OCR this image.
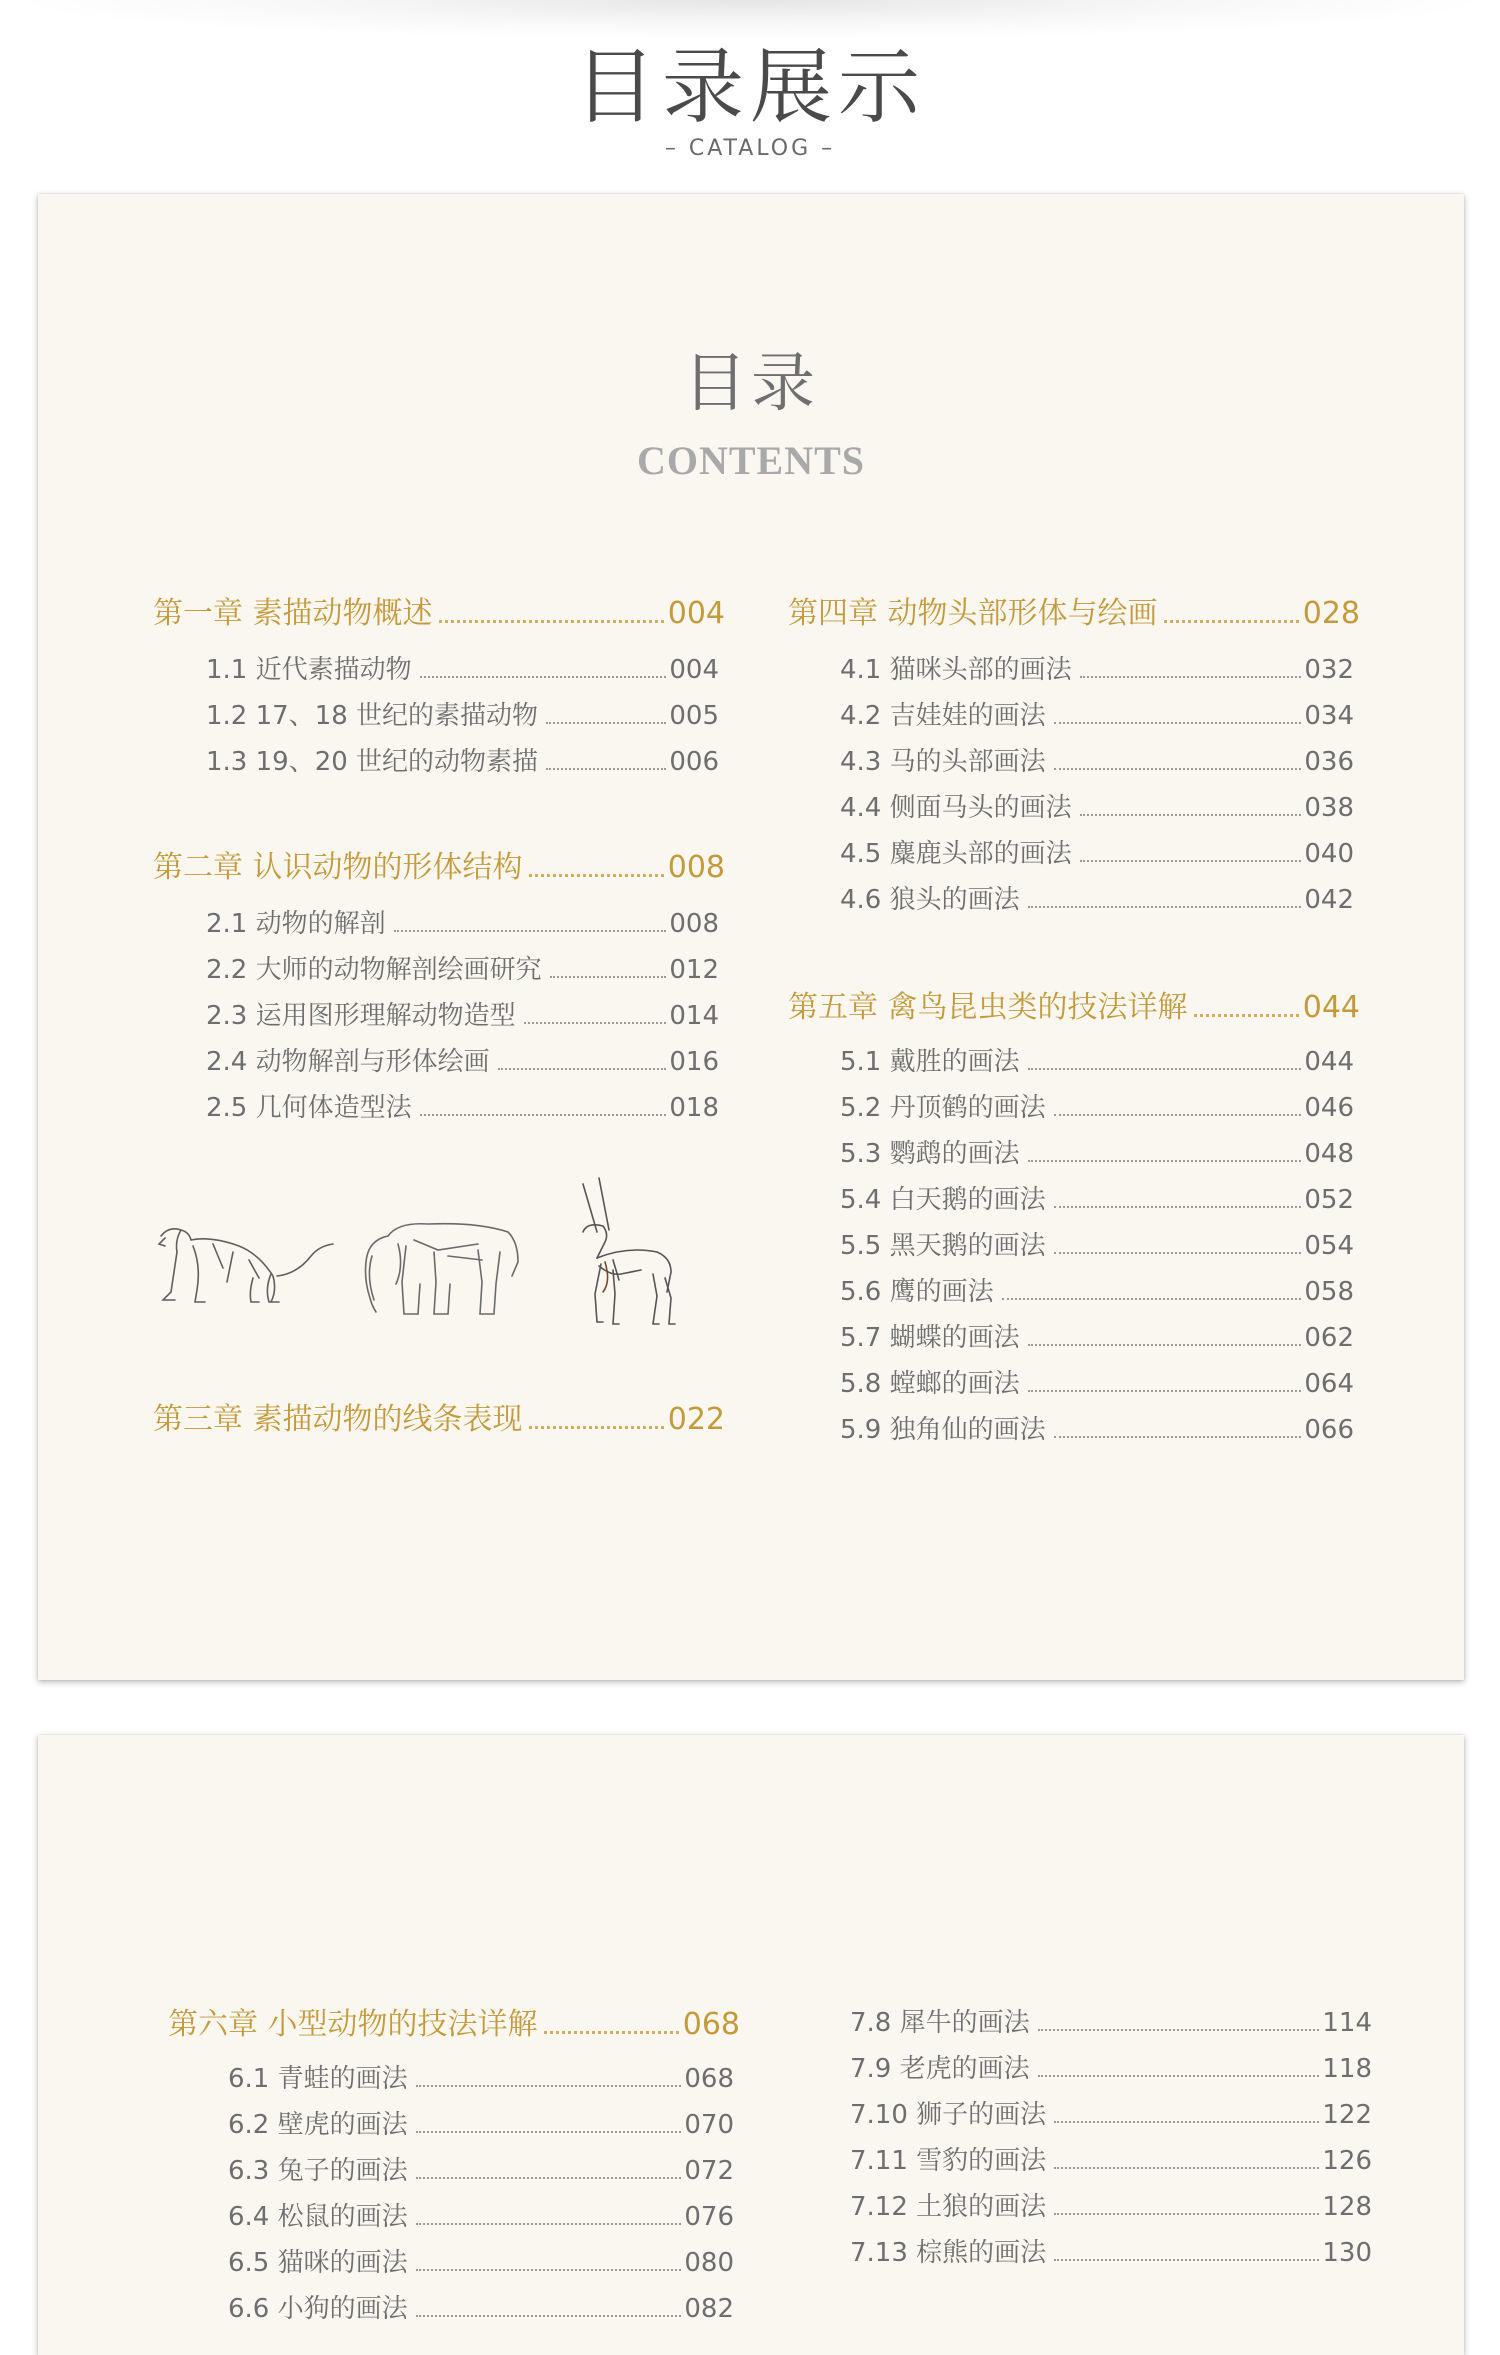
目录展示
– CATALOG –
目录
CONTENTS
第一章 素描动物概述	004
1.1 近代素描动物	004
1.2 17、18 世纪的素描动物	005
1.3 19、20 世纪的动物素描	006
第二章 认识动物的形体结构	008
2.1 动物的解剖	008
2.2 大师的动物解剖绘画研究	012
2.3 运用图形理解动物造型	014
2.4 动物解剖与形体绘画	016
2.5 几何体造型法	018
第三章 素描动物的线条表现	022
第四章 动物头部形体与绘画	028
4.1 猫咪头部的画法	032
4.2 吉娃娃的画法	034
4.3 马的头部画法	036
4.4 侧面马头的画法	038
4.5 麋鹿头部的画法	040
4.6 狼头的画法	042
第五章 禽鸟昆虫类的技法详解	044
5.1 戴胜的画法	044
5.2 丹顶鹤的画法	046
5.3 鹦鹉的画法	048
5.4 白天鹅的画法	052
5.5 黑天鹅的画法	054
5.6 鹰的画法	058
5.7 蝴蝶的画法	062
5.8 螳螂的画法	064
5.9 独角仙的画法	066
第六章 小型动物的技法详解	068
6.1 青蛙的画法	068
6.2 壁虎的画法	070
6.3 兔子的画法	072
6.4 松鼠的画法	076
6.5 猫咪的画法	080
6.6 小狗的画法	082
7.8 犀牛的画法	114
7.9 老虎的画法	118
7.10 狮子的画法	122
7.11 雪豹的画法	126
7.12 土狼的画法	128
7.13 棕熊的画法	130
